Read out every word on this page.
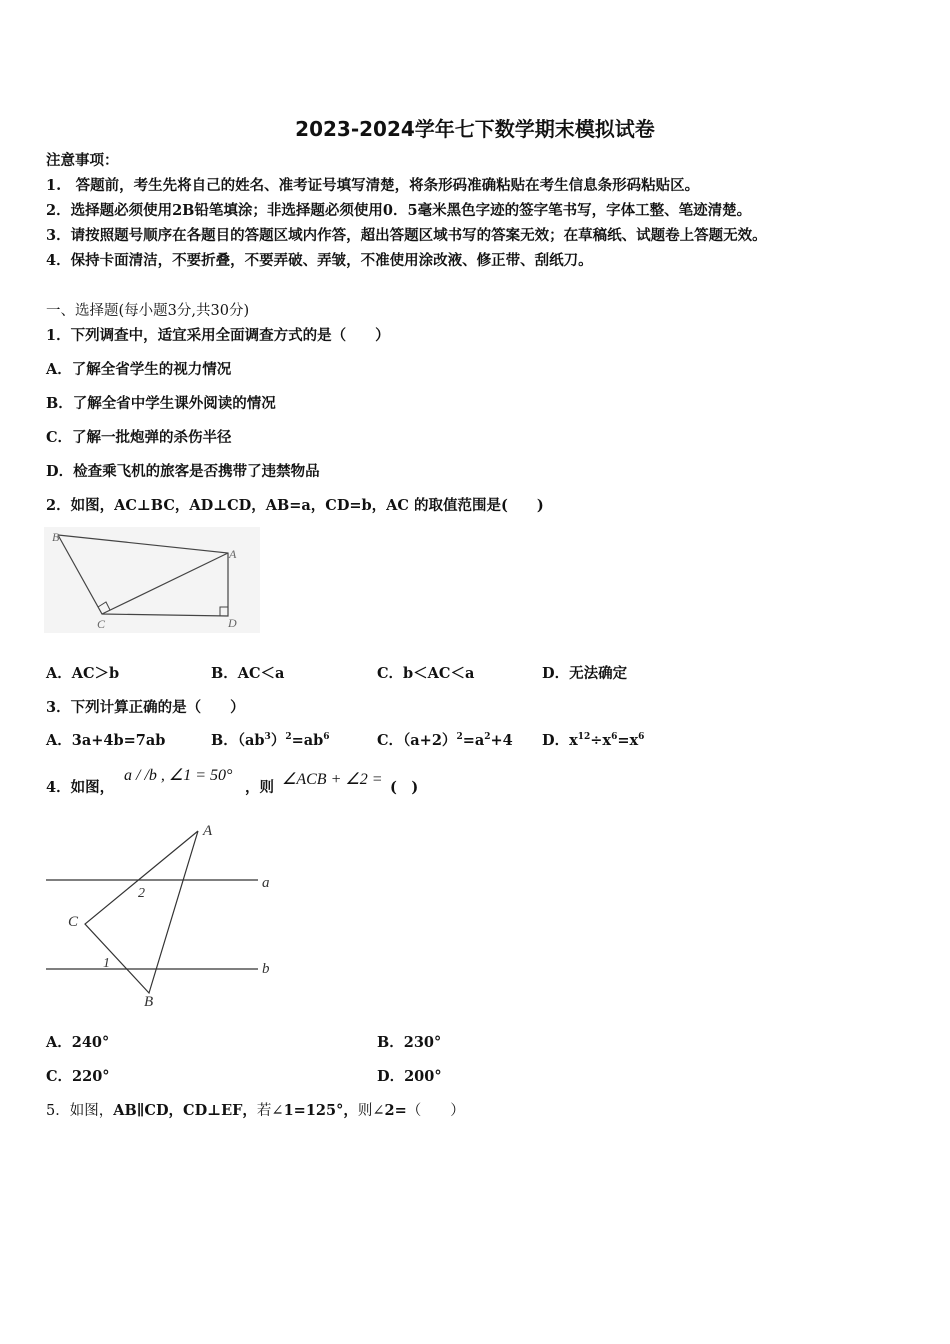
2023-2024学年七下数学期末模拟试卷
注意事项：
1.　答题前，考生先将自己的姓名、准考证号填写清楚，将条形码准确粘贴在考生信息条形码粘贴区。
2．选择题必须使用2B铅笔填涂；非选择题必须使用0．5毫米黑色字迹的签字笔书写，字体工整、笔迹清楚。
3．请按照题号顺序在各题目的答题区域内作答，超出答题区域书写的答案无效；在草稿纸、试题卷上答题无效。
4．保持卡面清洁，不要折叠，不要弄破、弄皱，不准使用涂改液、修正带、刮纸刀。
一、选择题(每小题3分,共30分)
1．下列调查中，适宜采用全面调查方式的是（　　）
A．了解全省学生的视力情况
B．了解全省中学生课外阅读的情况
C．了解一批炮弹的杀伤半径
D．检查乘飞机的旅客是否携带了违禁物品
2．如图，AC⊥BC，AD⊥CD，AB=a，CD=b，AC 的取值范围是(　　)
B
A
C	D
A．AC＞b	B．AC＜a	C．b＜AC＜a	D．无法确定
3．下列计算正确的是（　　）
A．3a+4b=7ab	B．$(ab^3)^2=ab^6$	C．$(a+2)^2=a^2+4$ D．$x^{12}\div x^6=x^6$
4．如图，
a / /b , ∠1 = 50°
，则 ∠ACB + ∠2 = (　)
A
a
2
C
1	b
B
A．240°	B．230°
C．220°	D．200°
5．如图，AB∥CD，CD⊥EF，若∠1=125°，则∠2=（　　）
